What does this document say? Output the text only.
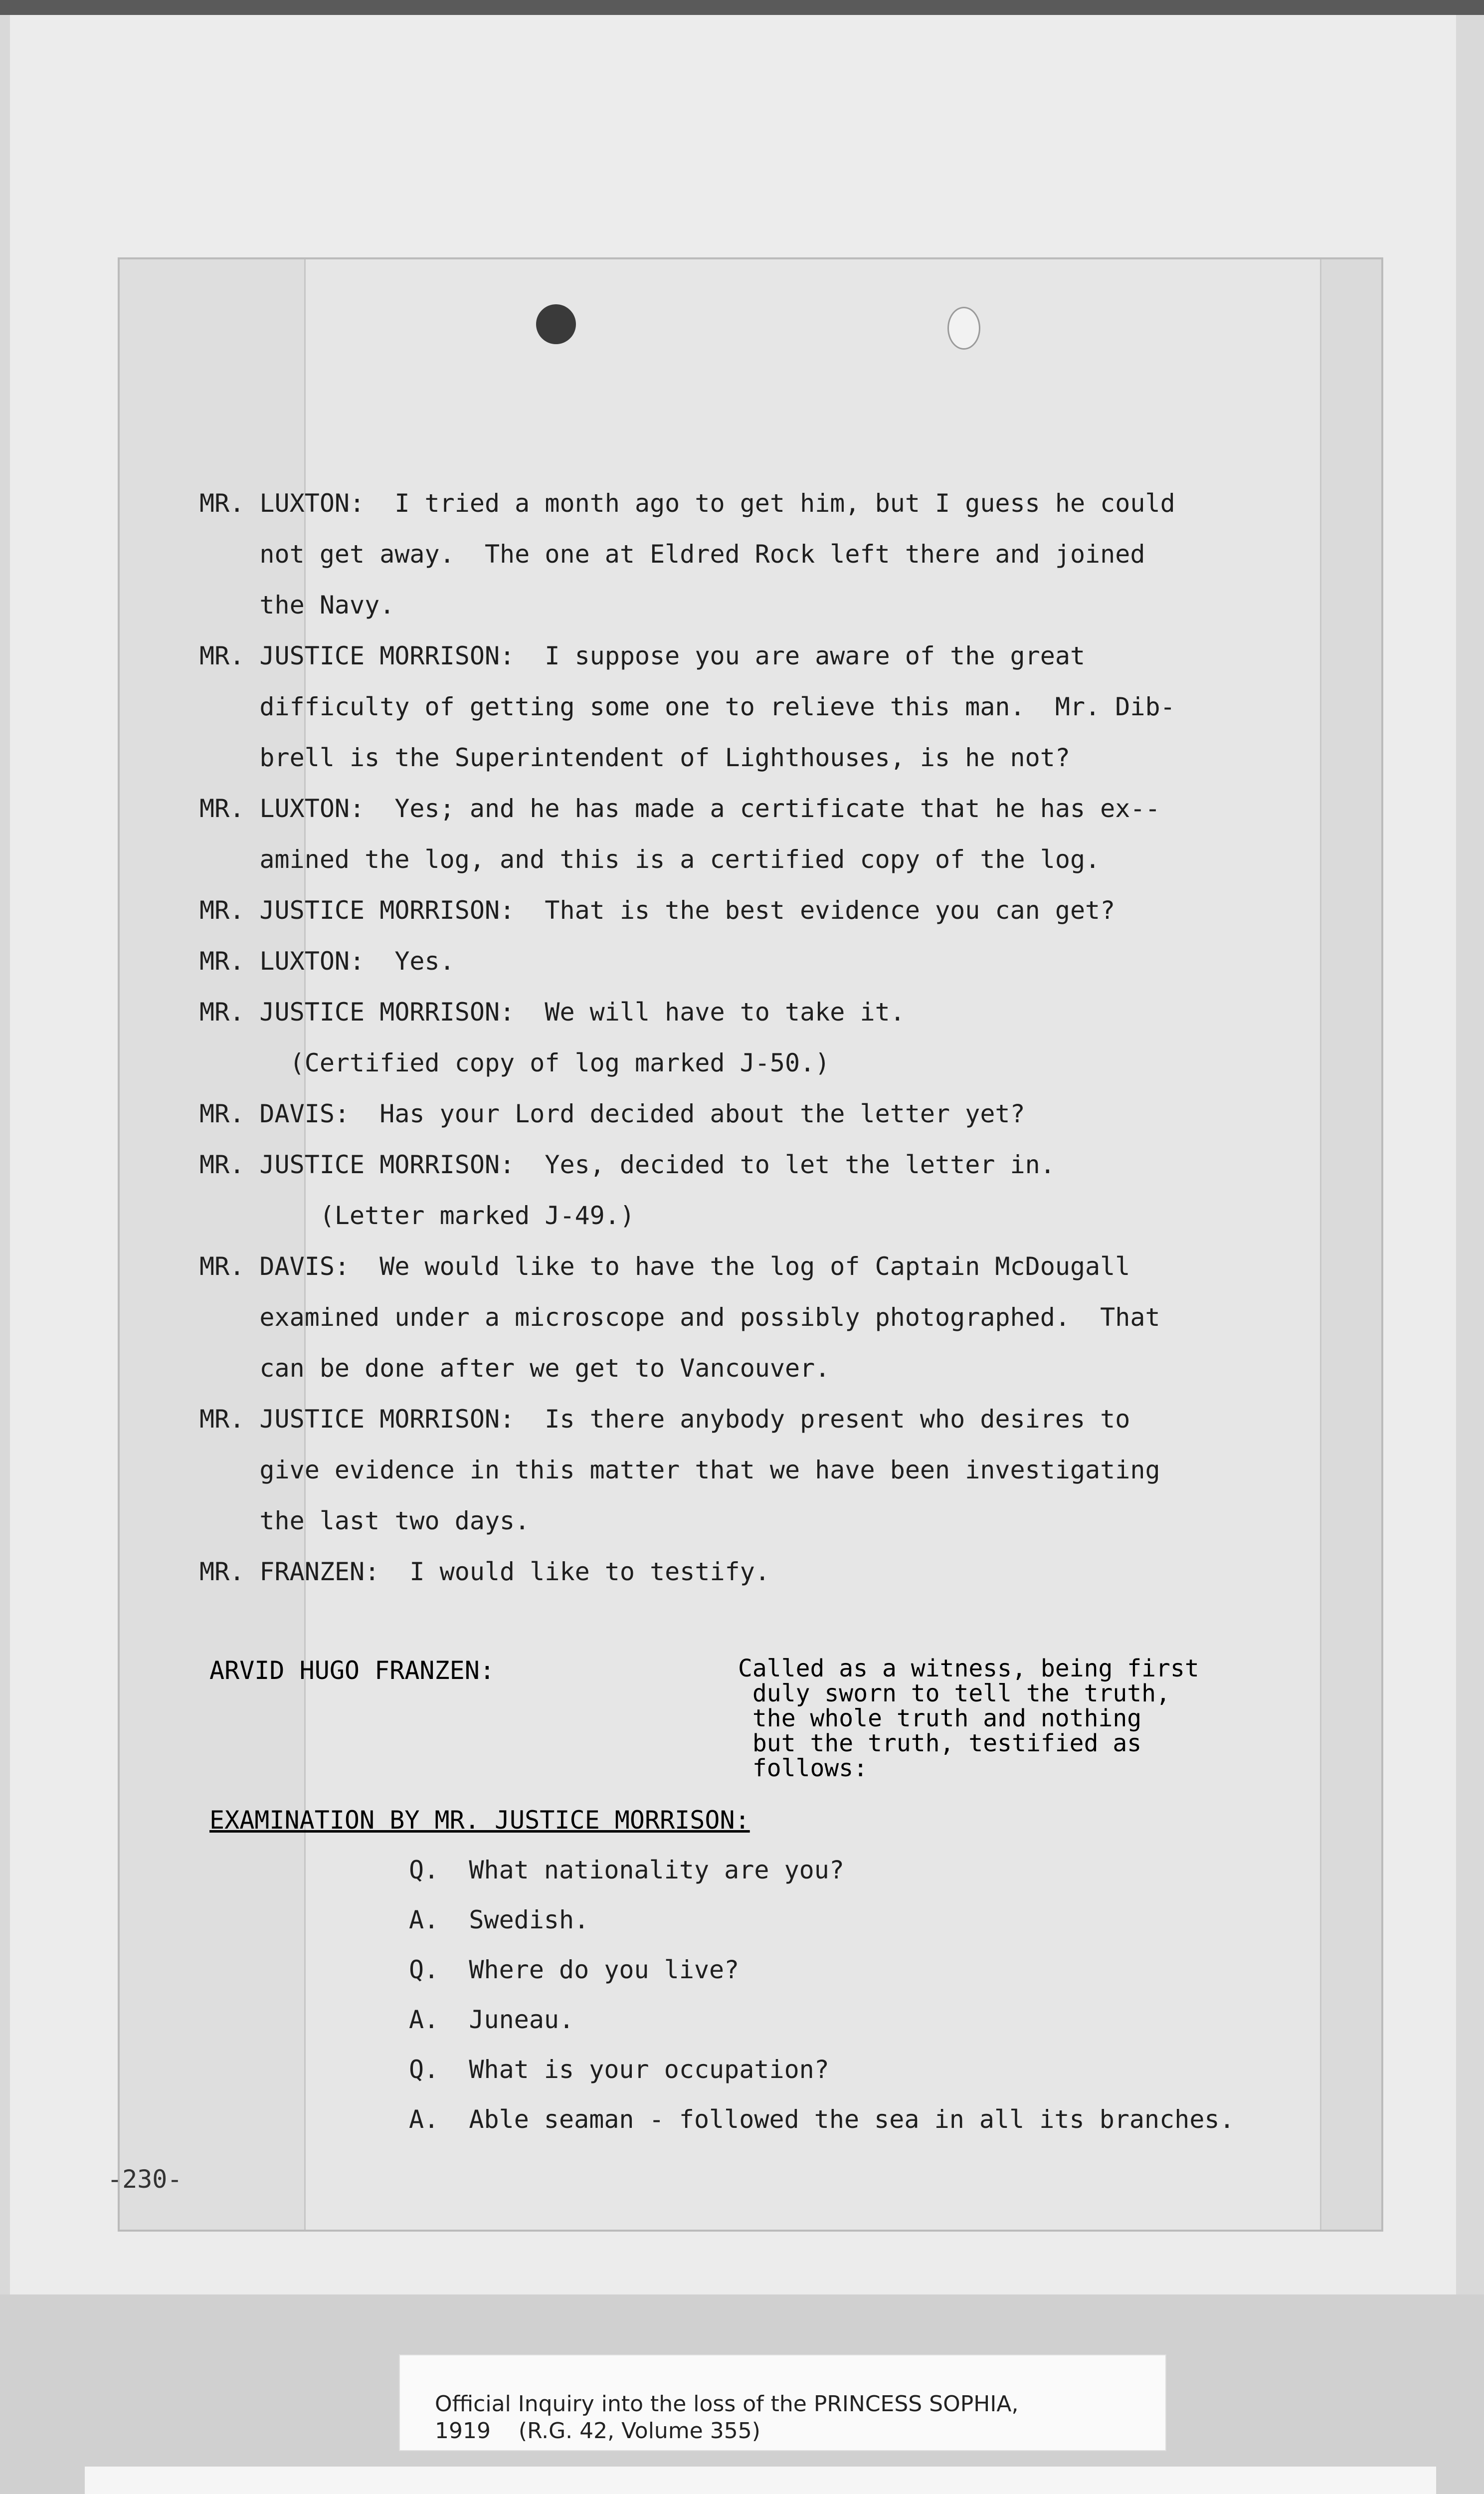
MR. LUXTON:  I tried a month ago to get him, but I guess he could
not get away.  The one at Eldred Rock left there and joined
the Navy.
MR. JUSTICE MORRISON:  I suppose you are aware of the great
difficulty of getting some one to relieve this man.  Mr. Dib-
brell is the Superintendent of Lighthouses, is he not?
MR. LUXTON:  Yes; and he has made a certificate that he has ex--
amined the log, and this is a certified copy of the log.
MR. JUSTICE MORRISON:  That is the best evidence you can get?
MR. LUXTON:  Yes.
MR. JUSTICE MORRISON:  We will have to take it.
(Certified copy of log marked J-50.)
MR. DAVIS:  Has your Lord decided about the letter yet?
MR. JUSTICE MORRISON:  Yes, decided to let the letter in.
(Letter marked J-49.)
MR. DAVIS:  We would like to have the log of Captain McDougall
examined under a microscope and possibly photographed.  That
can be done after we get to Vancouver.
MR. JUSTICE MORRISON:  Is there anybody present who desires to
give evidence in this matter that we have been investigating
the last two days.
MR. FRANZEN:  I would like to testify.
ARVID HUGO FRANZEN:	Called as a witness, being first
duly sworn to tell the truth,
the whole truth and nothing
but the truth, testified as
follows:
EXAMINATION BY MR. JUSTICE MORRISON:
Q.  What nationality are you?
A.  Swedish.
Q.  Where do you live?
A.  Juneau.
Q.  What is your occupation?
A.  Able seaman - followed the sea in all its branches.
-230-
Official Inquiry into the loss of the PRINCESS SOPHIA,
1919    (R.G. 42, Volume 355)
